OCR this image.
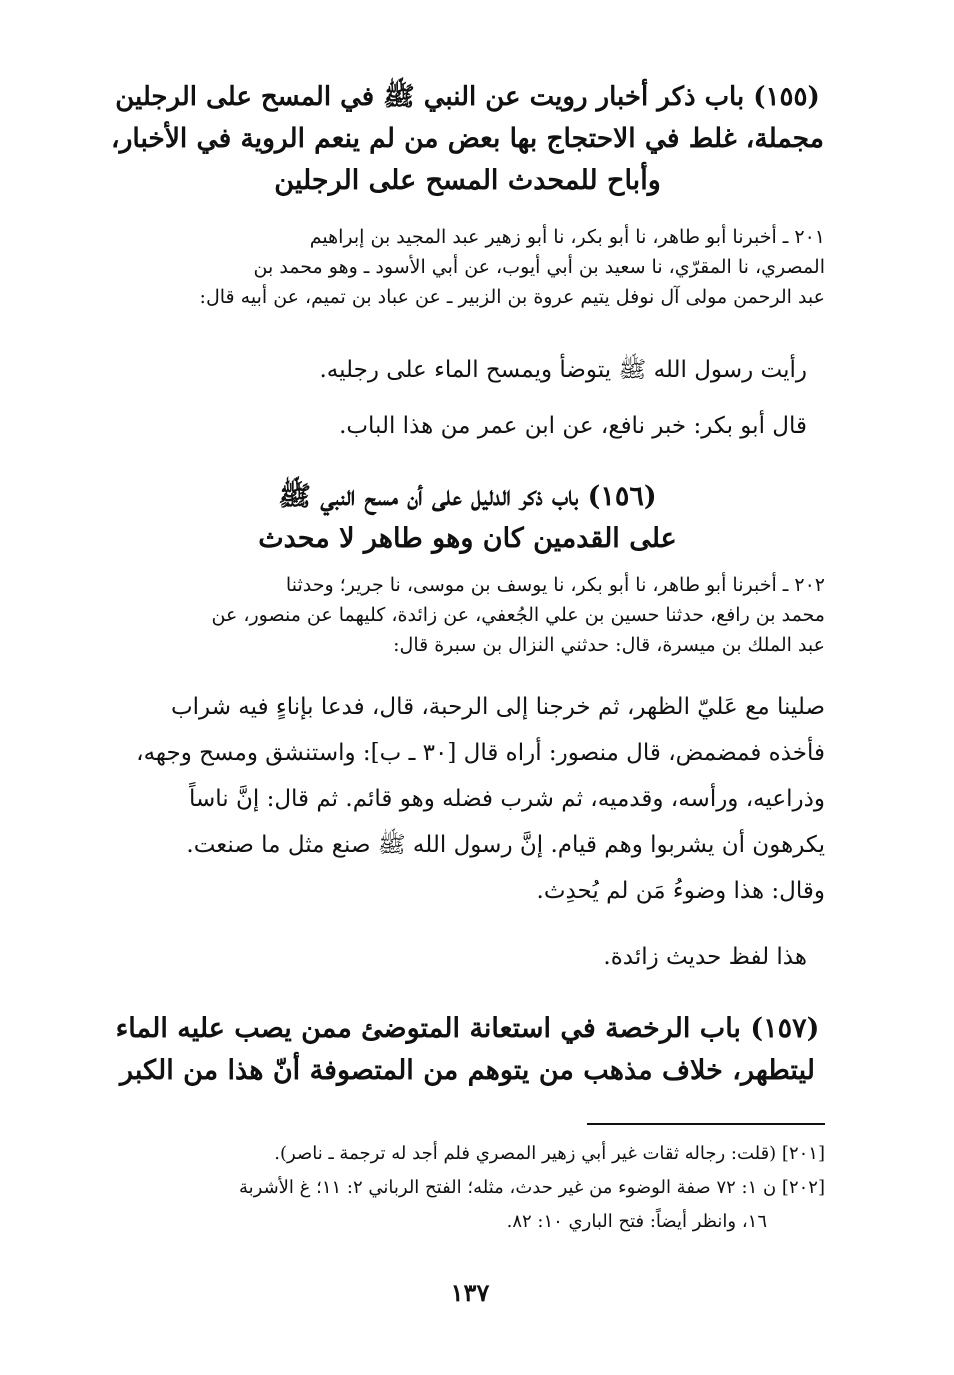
(١٥٥) باب ذكر أخبار رويت عن النبي ﷺ في المسح على الرجلين
مجملة، غلط في الاحتجاج بها بعض من لم ينعم الروية في الأخبار،
وأباح للمحدث المسح على الرجلين
٢٠١ ـ أخبرنا أبو طاهر، نا أبو بكر، نا أبو زهير عبد المجيد بن إبراهيم
المصري، نا المقرّي، نا سعيد بن أبي أيوب، عن أبي الأسود ـ وهو محمد بن
عبد الرحمن مولى آل نوفل يتيم عروة بن الزبير ـ عن عباد بن تميم، عن أبيه قال:
رأيت رسول الله ﷺ يتوضأ ويمسح الماء على رجليه.
قال أبو بكر: خبر نافع، عن ابن عمر من هذا الباب.
(١٥٦) باب ذكر الدليل على أن مسح النبي ﷺ
على القدمين كان وهو طاهر لا محدث
٢٠٢ ـ أخبرنا أبو طاهر، نا أبو بكر، نا يوسف بن موسى، نا جرير؛ وحدثنا
محمد بن رافع، حدثنا حسين بن علي الجُعفي، عن زائدة، كليهما عن منصور، عن
عبد الملك بن ميسرة، قال: حدثني النزال بن سبرة قال:
صلينا مع عَليّ الظهر، ثم خرجنا إلى الرحبة، قال، فدعا بإناءٍ فيه شراب
فأخذه فمضمض، قال منصور: أراه قال [٣٠ ـ ب]: واستنشق ومسح وجهه،
وذراعيه، ورأسه، وقدميه، ثم شرب فضله وهو قائم. ثم قال: إنَّ ناساً
يكرهون أن يشربوا وهم قيام. إنَّ رسول الله ﷺ صنع مثل ما صنعت.
وقال: هذا وضوءُ مَن لم يُحدِث.
هذا لفظ حديث زائدة.
(١٥٧) باب الرخصة في استعانة المتوضئ ممن يصب عليه الماء
ليتطهر، خلاف مذهب من يتوهم من المتصوفة أنّ هذا من الكبر
[٢٠١] (قلت: رجاله ثقات غير أبي زهير المصري فلم أجد له ترجمة ـ ناصر).
[٢٠٢] ن ١: ٧٢ صفة الوضوء من غير حدث، مثله؛ الفتح الرباني ٢: ١١؛ غ الأشربة
١٦، وانظر أيضاً: فتح الباري ١٠: ٨٢.
١٣٧
